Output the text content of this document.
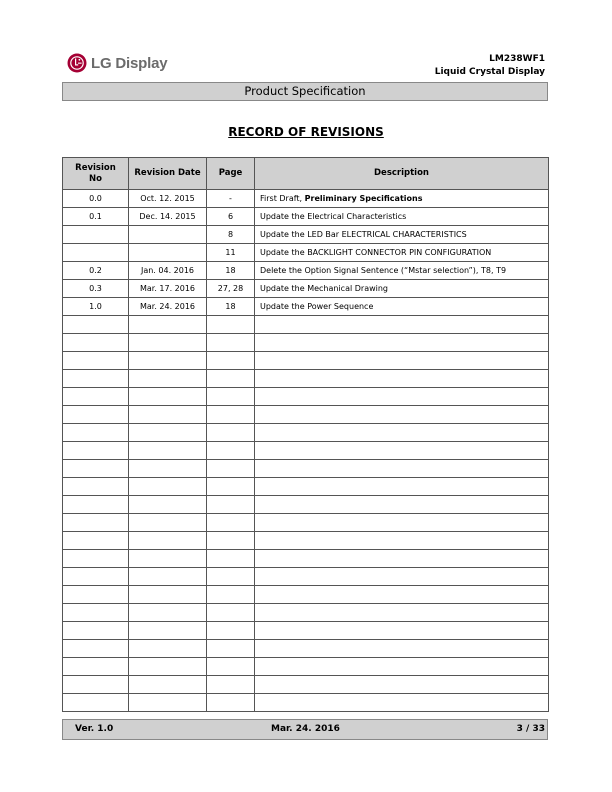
LG Display	LM238WF1
Liquid Crystal Display
Product Specification
RECORD OF REVISIONS
Revision No	Revision Date	Page	Description
0.0	Oct. 12. 2015	-	First Draft, Preliminary Specifications
0.1	Dec. 14. 2015	6	Update the Electrical Characteristics
		8	Update the LED Bar ELECTRICAL CHARACTERISTICS
		11	Update the BACKLIGHT CONNECTOR PIN CONFIGURATION
0.2	Jan. 04. 2016	18	Delete the Option Signal Sentence (“Mstar selection”), T8, T9
0.3	Mar. 17. 2016	27, 28	Update the Mechanical Drawing
1.0	Mar. 24. 2016	18	Update the Power Sequence

Ver. 1.0	Mar. 24. 2016	3 / 33
